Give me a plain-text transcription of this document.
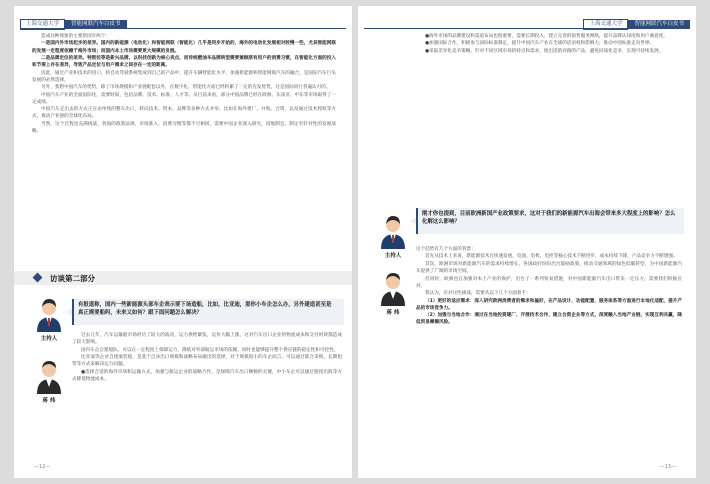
上海交通大学	智能网联汽车白皮书

造成这种现象的主要原因有两个：

一是国内外市场起步的差异。国内的新能源（电动化）和智能网联（智能化）几乎是同步开始的，海外的电动化发展相对较慢一些，尤其智能网联的发展一定程度依赖于海外市场；而国内本土市场需要更大规模的发展。

二是品牌定位的差异。特斯拉等是新兴品牌，以科技创新为核心卖点，而传统燃油车品牌转型需要兼顾原有用户的消费习惯，在智能化方面的投入和节奏上存在差异，导致产品定位与用户需求之间存在一定的距离。

因此，通过产业和技术的进口，将自动驾驶系统集成到自己的产品中，提升车辆智能化水平，加速新能源和智能网联汽车的融合，是国际汽车巨头发展的必然选择。

另外，我想中国汽车的优势，除了市场规模和产业链配套以外，在数字化、智能化方面已经积累了一定的先发优势，这是国际同行普遍认可的。

中国汽车产业的全面国际化，需要时间，包括品牌、技术、标准、人才等。从目前来看，部分中国品牌已经在欧洲、东南亚、中东等市场取得了一定成绩。

中国汽车走出去的方式正在由单纯的整车出口，转向技术、资本、品牌等多种方式并举。比如在海外建厂、并购、合资，以及通过技术授权等方式，推动产业链的全球化布局。

当然，这个过程也充满挑战，各国的政策法规、市场准入、消费习惯等都不尽相同，需要中国企业深入研究，因地制宜，制定有针对性的发展战略。

访谈第二部分
主持人
有报道称，国内一些新能源头部车企表示要下场造船，比如，比亚迪，那你小车企怎么办，另外建造甚至是真正需要船吗，未来又如何？跟下面问题怎么解决？
蒋 炜

过去几年，汽车运输船市场经历了较大的波动，运力供给紧张，运价大幅上涨，这对汽车出口企业的物流成本和交付时效都造成了较大影响。

国内车企自建船队，可以在一定程度上保障运力，降低对外部航运市场的依赖，同时也能够提升整个供应链的稳定性和可控性。

比亚迪等企业自建滚装船，是基于自身出口规模和战略布局做出的选择，对于规模较小的车企而言，可以通过联合采购、长期租赁等方式来解决运力问题。

●选择合适的海外市场和运输方式，加强与航运企业的战略合作，是保障汽车出口顺畅的关键，中小车企可以通过抱团出海等方式降低物流成本。

—12—
上海交通大学	智能网联汽车白皮书

●海外市场的品牌建设和渠道布局也很重要，需要长期投入，建立完善的销售服务网络，提升品牌认知度和用户满意度。

●加强国际合作，积极参与国际标准制定，提升中国汽车产业在全球的话语权和影响力，推动中国标准走向世界。

●采取差异化竞争策略，针对不同区域市场的特点和需求，推出适销对路的产品，避免同质化竞争，实现可持续发展。

主持人
刚才你也提到，目前欧洲新国产业政策要求，这对于我们的新能源汽车出海会带来多大程度上的影响？怎么化解这么影响？
蒋 炜

这个趋势有几个方面的背景：

首先从技术上来说，新能源技术在快速发展，电池、电机、电控等核心技术不断进步，成本持续下降，产品竞争力不断增强。

其次，欧洲市场对新能源汽车的需求持续增长，各国政府纷纷出台鼓励政策，推动交通领域的绿色低碳转型，为中国新能源汽车提供了广阔的市场空间。

但同时，欧洲也在加强对本土产业的保护，出台了一系列贸易措施，对中国新能源汽车出口带来一定压力，需要我们积极应对。

我认为，应对这些挑战，需要从以下几个方面着手：

（1）更好的适应需求：深入研究欧洲消费者的需求和偏好，在产品设计、功能配置、服务体系等方面进行本地化适配，提升产品的市场竞争力。

（2）加强与当地合作：通过在当地投资建厂、开展技术合作、建立合资企业等方式，深度融入当地产业链，实现互利共赢，降低贸易摩擦风险。

—13—
